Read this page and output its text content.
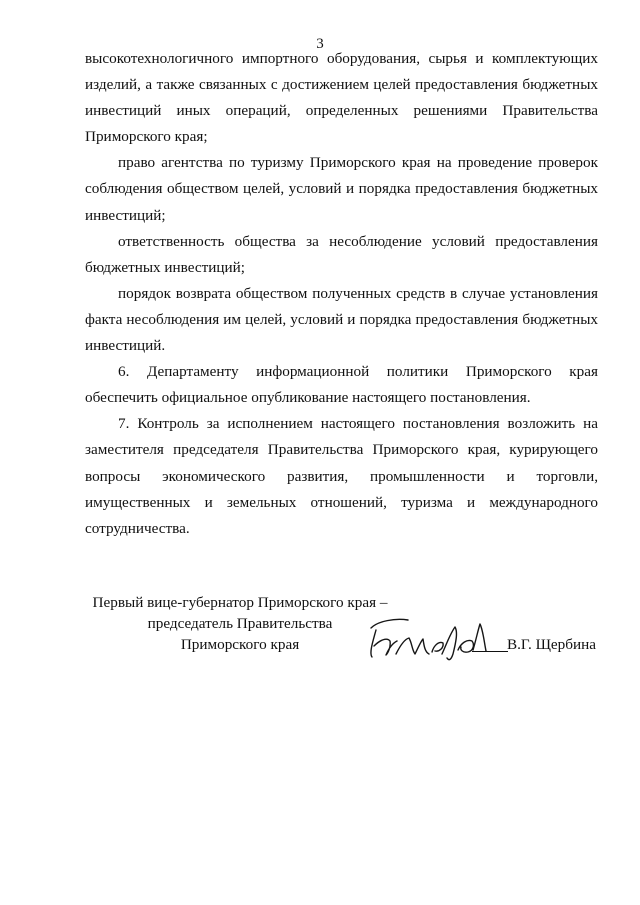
3

высокотехнологичного импортного оборудования, сырья и комплектующих изделий, а также связанных с достижением целей предоставления бюджетных инвестиций иных операций, определенных решениями Правительства Приморского края;

право агентства по туризму Приморского края на проведение проверок соблюдения обществом целей, условий и порядка предоставления бюджетных инвестиций;

ответственность общества за несоблюдение условий предоставления бюджетных инвестиций;

порядок возврата обществом полученных средств в случае установления факта несоблюдения им целей, условий и порядка предоставления бюджетных инвестиций.

6. Департаменту информационной политики Приморского края обеспечить официальное опубликование настоящего постановления.

7. Контроль за исполнением настоящего постановления возложить на заместителя председателя Правительства Приморского края, курирующего вопросы экономического развития, промышленности и торговли, имущественных и земельных отношений, туризма и международного сотрудничества.

Первый вице-губернатор Приморского края –
председатель Правительства
Приморского края	В.Г. Щербина
